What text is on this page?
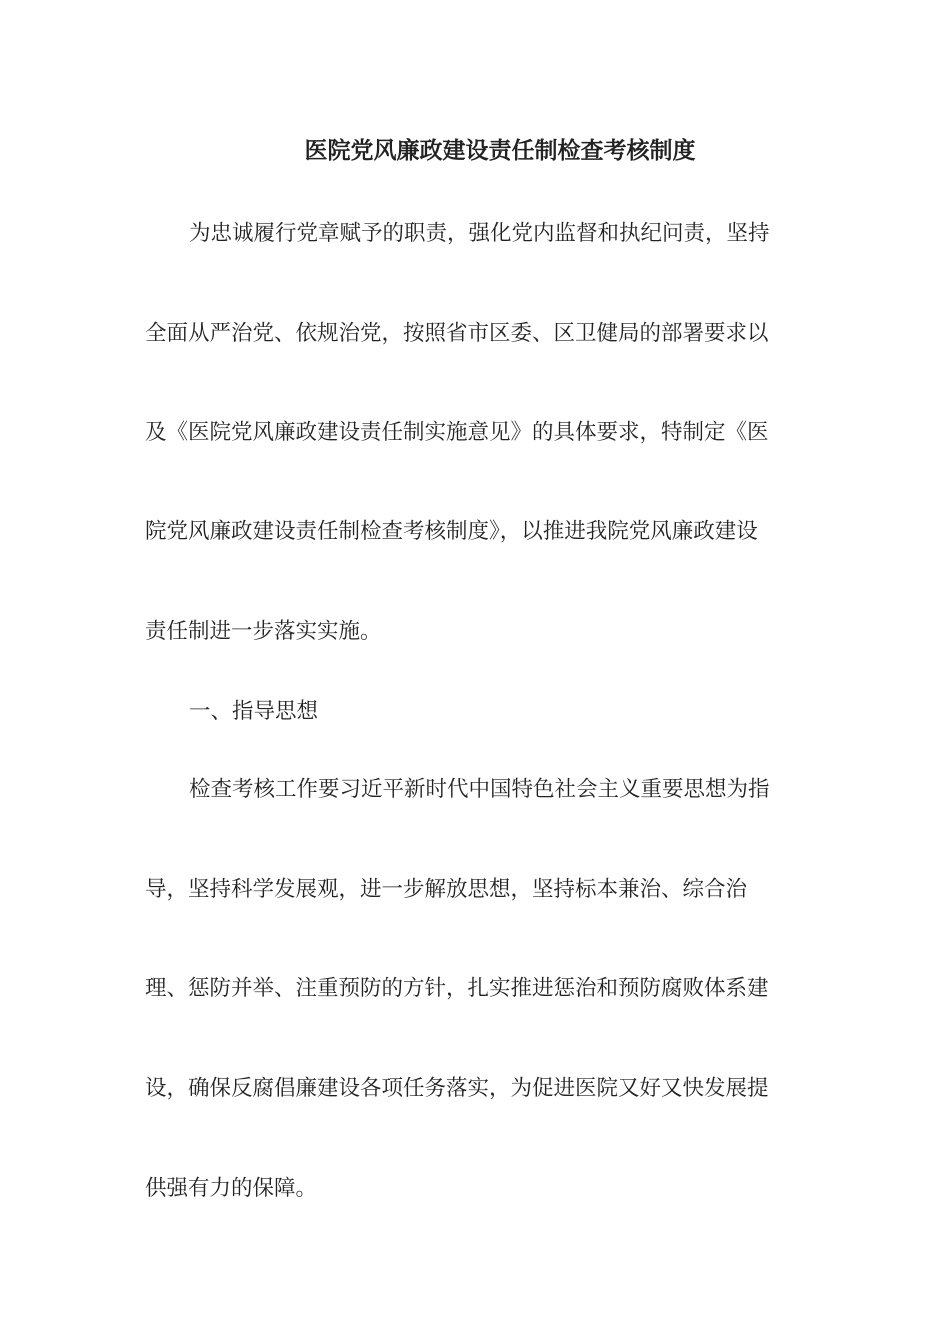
医院党风廉政建设责任制检查考核制度
为忠诚履行党章赋予的职责，强化党内监督和执纪问责，坚持
全面从严治党、依规治党，按照省市区委、区卫健局的部署要求以
及《医院党风廉政建设责任制实施意见》的具体要求，特制定《医
院党风廉政建设责任制检查考核制度》，以推进我院党风廉政建设
责任制进一步落实实施。
一、指导思想
检查考核工作要习近平新时代中国特色社会主义重要思想为指
导，坚持科学发展观，进一步解放思想，坚持标本兼治、综合治
理、惩防并举、注重预防的方针，扎实推进惩治和预防腐败体系建
设，确保反腐倡廉建设各项任务落实，为促进医院又好又快发展提
供强有力的保障。
